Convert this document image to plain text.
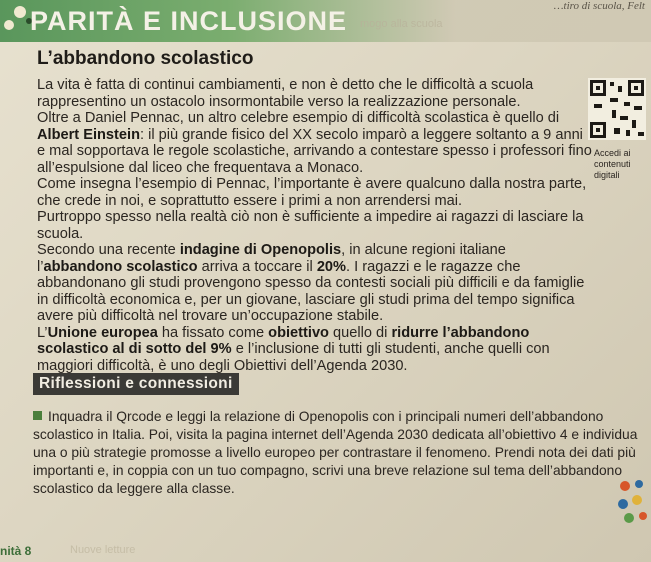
PARITÀ E INCLUSIONE mogo alla scuola
…tiro di scuola, Felt
L’abbandono scolastico
La vita è fatta di continui cambiamenti, e non è detto che le difficoltà a scuola rappresentino un ostacolo insormontabile verso la realizzazione personale.
Oltre a Daniel Pennac, un altro celebre esempio di difficoltà scolastica è quello di Albert Einstein: il più grande fisico del XX secolo imparò a leggere soltanto a 9 anni e mal sopportava le regole scolastiche, arrivando a contestare spesso i professori fino all’espulsione dal liceo che frequentava a Monaco.
Come insegna l’esempio di Pennac, l’importante è avere qualcuno dalla nostra parte, che crede in noi, e soprattutto essere i primi a non arrendersi mai.
Purtroppo spesso nella realtà ciò non è sufficiente a impedire ai ragazzi di lasciare la scuola.
Secondo una recente indagine di Openopolis, in alcune regioni italiane l’abbandono scolastico arriva a toccare il 20%. I ragazzi e le ragazze che abbandonano gli studi provengono spesso da contesti sociali più difficili e da famiglie in difficoltà economica e, per un giovane, lasciare gli studi prima del tempo significa avere più difficoltà nel trovare un’occupazione stabile.
L’Unione europea ha fissato come obiettivo quello di ridurre l’abbandono scolastico al di sotto del 9% e l’inclusione di tutti gli studenti, anche quelli con maggiori difficoltà, è uno degli Obiettivi dell’Agenda 2030.
Accedi ai contenuti digitali
Riflessioni e connessioni
Inquadra il Qrcode e leggi la relazione di Openopolis con i principali numeri dell’abbandono scolastico in Italia. Poi, visita la pagina internet dell’Agenda 2030 dedicata all’obiettivo 4 e individua una o più strategie promosse a livello europeo per contrastare il fenomeno. Prendi nota dei dati più importanti e, in coppia con un tuo compagno, scrivi una breve relazione sul tema dell’abbandono scolastico da leggere alla classe.
nità 8	Nuove letture
